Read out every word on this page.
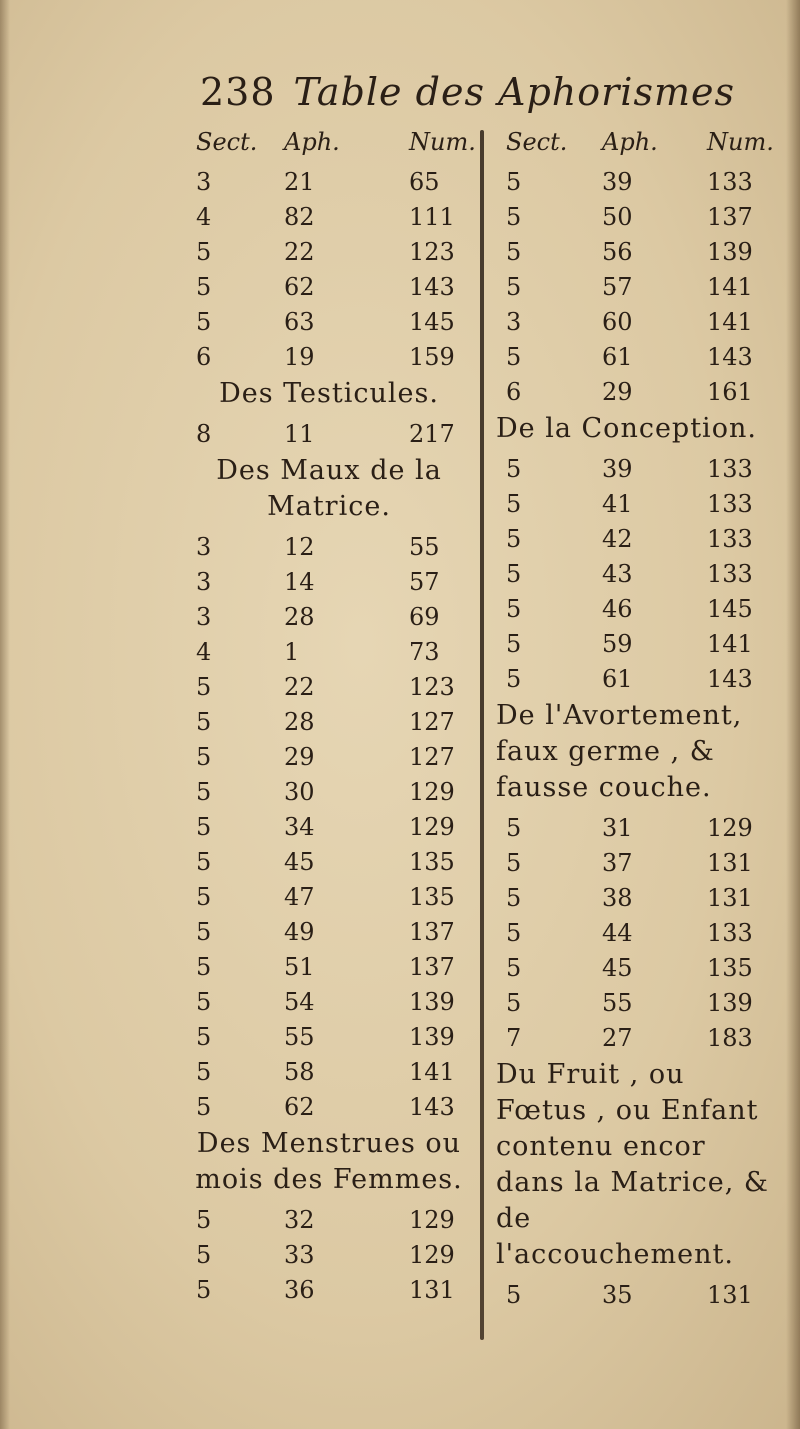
238 Table des Aphorismes
Sect. Aph.	Num.
3	21	65
4	82	111
5	22	123
5	62	143
5	63	145
6	19	159
Des Testicules.
8	11	217
Des Maux de la Matrice.
3	12	55
3	14	57
3	28	69
4	1	73
5	22	123
5	28	127
5	29	127
5	30	129
5	34	129
5	45	135
5	47	135
5	49	137
5	51	137
5	54	139
5	55	139
5	58	141
5	62	143
Des Menstrues ou mois des Femmes.
5	32	129
5	33	129
5	36	131
Sect. Aph. Num.
5	39	133
5	50	137
5	56	139
5	57	141
3	60	141
5	61	143
6	29	161
De la Conception.
5	39	133
5	41	133
5	42	133
5	43	133
5	46	145
5	59	141
5	61	143
De l'Avortement, faux germe , & fausse couche.
5	31	129
5	37	131
5	38	131
5	44	133
5	45	135
5	55	139
7	27	183
Du Fruit , ou Fœtus , ou Enfant contenu encor dans la Matrice, & de l'accouchement.
5	35	131
